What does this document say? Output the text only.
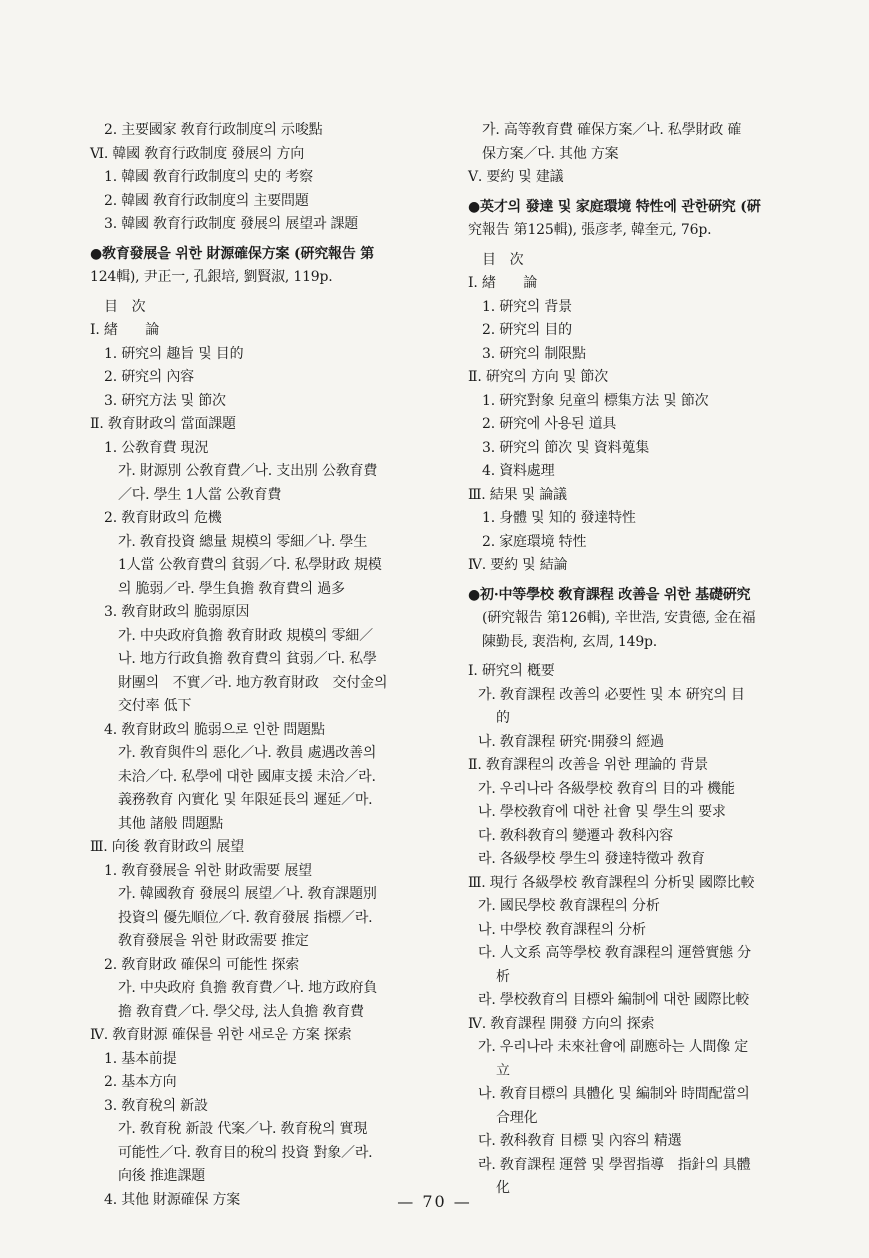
2. 主要國家 敎育行政制度의 示唆點
Ⅵ. 韓國 敎育行政制度 發展의 方向
1. 韓國 敎育行政制度의 史的 考察
2. 韓國 敎育行政制度의 主要問題
3. 韓國 敎育行政制度 發展의 展望과 課題
●敎育發展을 위한 財源確保方案 (硏究報告 第
124輯), 尹正一, 孔銀培, 劉賢淑, 119p.
目　次
Ⅰ. 緖　　論
1. 硏究의 趣旨 및 目的
2. 硏究의 內容
3. 硏究方法 및 節次
Ⅱ. 敎育財政의 當面課題
1. 公敎育費 現況
가. 財源別 公敎育費／나. 支出別 公敎育費
／다. 學生 1人當 公敎育費
2. 敎育財政의 危機
가. 敎育投資 總量 規模의 零細／나. 學生
1人當 公敎育費의 貧弱／다. 私學財政 規模
의 脆弱／라. 學生負擔 敎育費의 過多
3. 敎育財政의 脆弱原因
가. 中央政府負擔 敎育財政 規模의 零細／
나. 地方行政負擔 敎育費의 貧弱／다. 私學
財團의　不實／라. 地方敎育財政　交付金의
交付率 低下
4. 敎育財政의 脆弱으로 인한 問題點
가. 敎育與件의 惡化／나. 敎員 處遇改善의
未洽／다. 私學에 대한 國庫支援 未洽／라.
義務敎育 內實化 및 年限延長의 遲延／마.
其他 諸般 問題點
Ⅲ. 向後 敎育財政의 展望
1. 敎育發展을 위한 財政需要 展望
가. 韓國敎育 發展의 展望／나. 敎育課題別
投資의 優先順位／다. 敎育發展 指標／라.
敎育發展을 위한 財政需要 推定
2. 敎育財政 確保의 可能性 探索
가. 中央政府 負擔 敎育費／나. 地方政府負
擔 敎育費／다. 學父母, 法人負擔 敎育費
Ⅳ. 敎育財源 確保를 위한 새로운 方案 探索
1. 基本前提
2. 基本方向
3. 敎育稅의 新設
가. 敎育稅 新設 代案／나. 敎育稅의 實現
可能性／다. 敎育目的稅의 投資 對象／라.
向後 推進課題
4. 其他 財源確保 方案
가. 高等敎育費 確保方案／나. 私學財政 確
保方案／다. 其他 方案
Ⅴ. 要約 및 建議
●英才의 發達 및 家庭環境 特性에 관한硏究 (硏
究報告 第125輯), 張彦孝, 韓奎元, 76p.
目　次
Ⅰ. 緖　　論
1. 硏究의 背景
2. 硏究의 目的
3. 硏究의 制限點
Ⅱ. 硏究의 方向 및 節次
1. 硏究對象 兒童의 標集方法 및 節次
2. 硏究에 사용된 道具
3. 硏究의 節次 및 資料蒐集
4. 資料處理
Ⅲ. 結果 및 論議
1. 身體 및 知的 發達特性
2. 家庭環境 特性
Ⅳ. 要約 및 結論
●初·中等學校 敎育課程 改善을 위한 基礎硏究
(硏究報告 第126輯), 辛世浩, 安貴德, 金在福
陳勤長, 裵浩枸, 玄周, 149p.
Ⅰ. 硏究의 槪要
가. 敎育課程 改善의 必要性 및 本 硏究의 目
的
나. 敎育課程 硏究·開發의 經過
Ⅱ. 敎育課程의 改善을 위한 理論的 背景
가. 우리나라 各級學校 敎育의 目的과 機能
나. 學校敎育에 대한 社會 및 學生의 要求
다. 敎科敎育의 變遷과 敎科內容
라. 各級學校 學生의 發達特徵과 敎育
Ⅲ. 現行 各級學校 敎育課程의 分析및 國際比較
가. 國民學校 敎育課程의 分析
나. 中學校 敎育課程의 分析
다. 人文系 高等學校 敎育課程의 運營實態 分
析
라. 學校敎育의 目標와 編制에 대한 國際比較
Ⅳ. 敎育課程 開發 方向의 探索
가. 우리나라 未來社會에 副應하는 人間像 定
立
나. 敎育目標의 具體化 및 編制와 時間配當의
合理化
다. 敎科敎育 目標 및 內容의 精選
라. 敎育課程 運營 및 學習指導　指針의 具體
化
— 70 —
